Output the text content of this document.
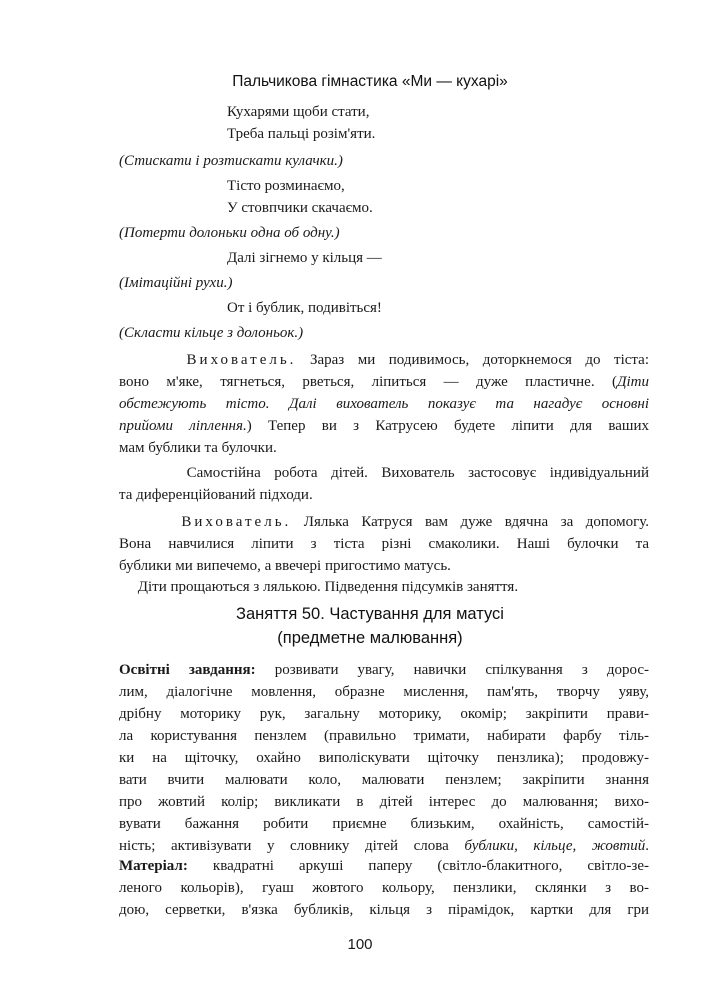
Пальчикова гімнастика «Ми — кухарі»
Кухарями щоби стати,
Треба пальці розім'яти.
(Стискати і розтискати кулачки.)
Тісто розминаємо,
У стовпчики скачаємо.
(Потерти долоньки одна об одну.)
Далі зігнемо у кільця —
(Імітаційні рухи.)
От і бублик, подивіться!
(Скласти кільце з долоньок.)
Вихователь. Зараз ми подивимось, доторкнемося до тіста:
воно м'яке, тягнеться, рветься, ліпиться — дуже пластичне. (Діти
обстежують тісто. Далі вихователь показує та нагадує основні
прийоми ліплення.) Тепер ви з Катрусею будете ліпити для ваших
мам бублики та булочки.
Самостійна робота дітей. Вихователь застосовує індивідуальний
та диференційований підходи.
Вихователь. Лялька Катруся вам дуже вдячна за допомогу.
Вона навчилися ліпити з тіста різні смаколики. Наші булочки та
бублики ми випечемо, а ввечері пригостимо матусь.
Діти прощаються з лялькою. Підведення підсумків заняття.
Заняття 50. Частування для матусі
(предметне малювання)
Освітні завдання: розвивати увагу, навички спілкування з дорос-
лим, діалогічне мовлення, образне мислення, пам'ять, творчу уяву,
дрібну моторику рук, загальну моторику, окомір; закріпити прави-
ла користування пензлем (правильно тримати, набирати фарбу тіль-
ки на щіточку, охайно виполіскувати щіточку пензлика); продовжу-
вати вчити малювати коло, малювати пензлем; закріпити знання
про жовтий колір; викликати в дітей інтерес до малювання; вихо-
вувати бажання робити приємне близьким, охайність, самостій-
ність; активізувати у словнику дітей слова бублики, кільце, жовтий.
Матеріал: квадратні аркуші паперу (світло-блакитного, світло-зе-
леного кольорів), гуаш жовтого кольору, пензлики, склянки з во-
дою, серветки, в'язка бубликів, кільця з пірамідок, картки для гри
100
